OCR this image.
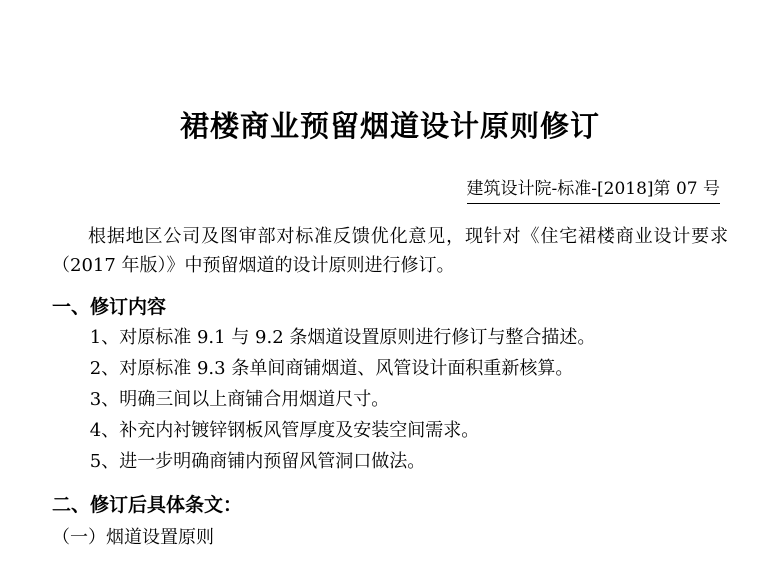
裙楼商业预留烟道设计原则修订
建筑设计院-标准-[2018]第 07 号

根据地区公司及图审部对标准反馈优化意见，现针对《住宅裙楼商业设计要求（2017 年版）》中预留烟道的设计原则进行修订。

一、修订内容
1、对原标准 9.1 与 9.2 条烟道设置原则进行修订与整合描述。
2、对原标准 9.3 条单间商铺烟道、风管设计面积重新核算。
3、明确三间以上商铺合用烟道尺寸。
4、补充内衬镀锌钢板风管厚度及安装空间需求。
5、进一步明确商铺内预留风管洞口做法。
二、修订后具体条文：

（一）烟道设置原则
